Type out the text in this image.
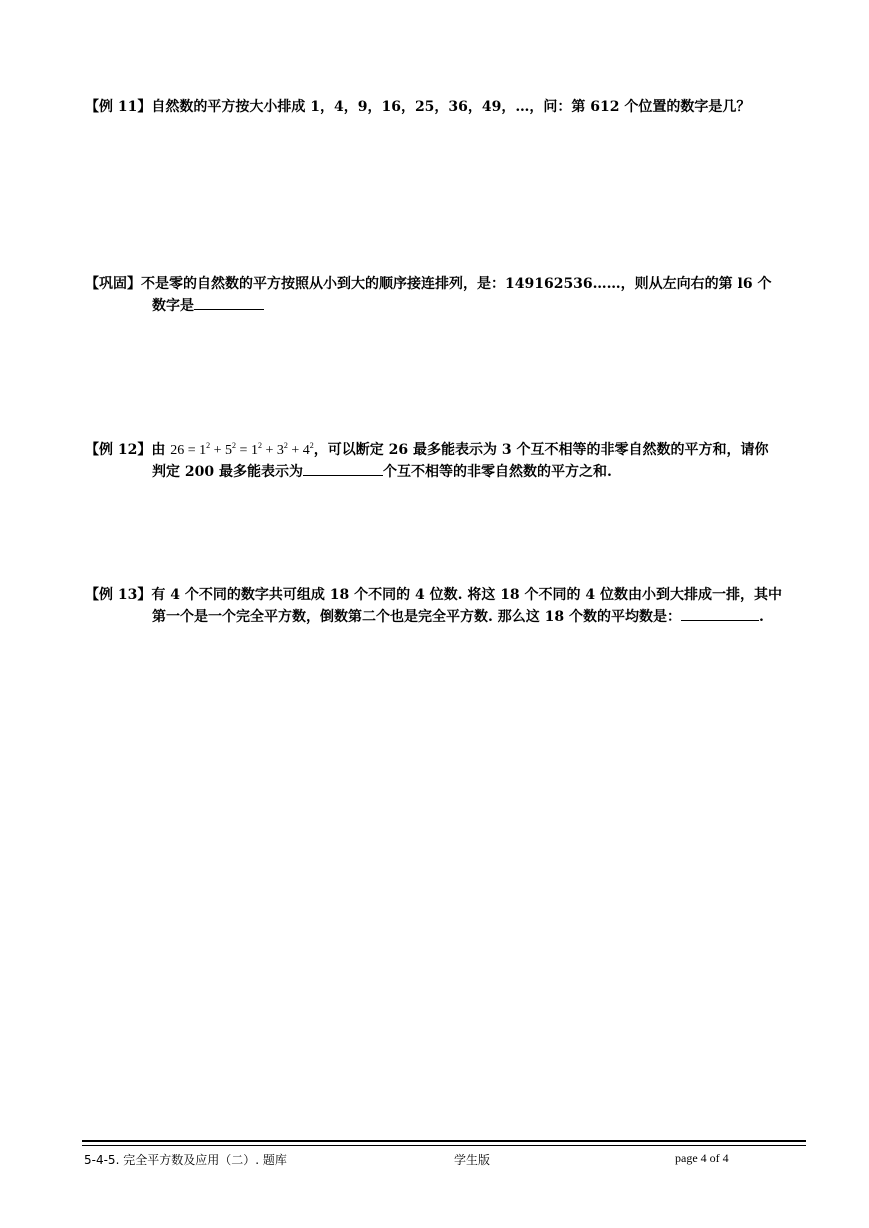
【例 11】自然数的平方按大小排成 1，4，9，16，25，36，49，…，问：第 612 个位置的数字是几？
【巩固】不是零的自然数的平方按照从小到大的顺序接连排列，是：149162536……，则从左向右的第 l6 个
数字是
【例 12】由 $26 = 1^2 + 5^2 = 1^2 + 3^2 + 4^2$，可以断定 26 最多能表示为 3 个互不相等的非零自然数的平方和，请你
判定 200 最多能表示为	个互不相等的非零自然数的平方之和.
【例 13】有 4 个不同的数字共可组成 18 个不同的 4 位数. 将这 18 个不同的 4 位数由小到大排成一排，其中
第一个是一个完全平方数，倒数第二个也是完全平方数. 那么这 18 个数的平均数是：	.
5-4-5. 完全平方数及应用（二）. 题库	学生版	page 4 of 4
